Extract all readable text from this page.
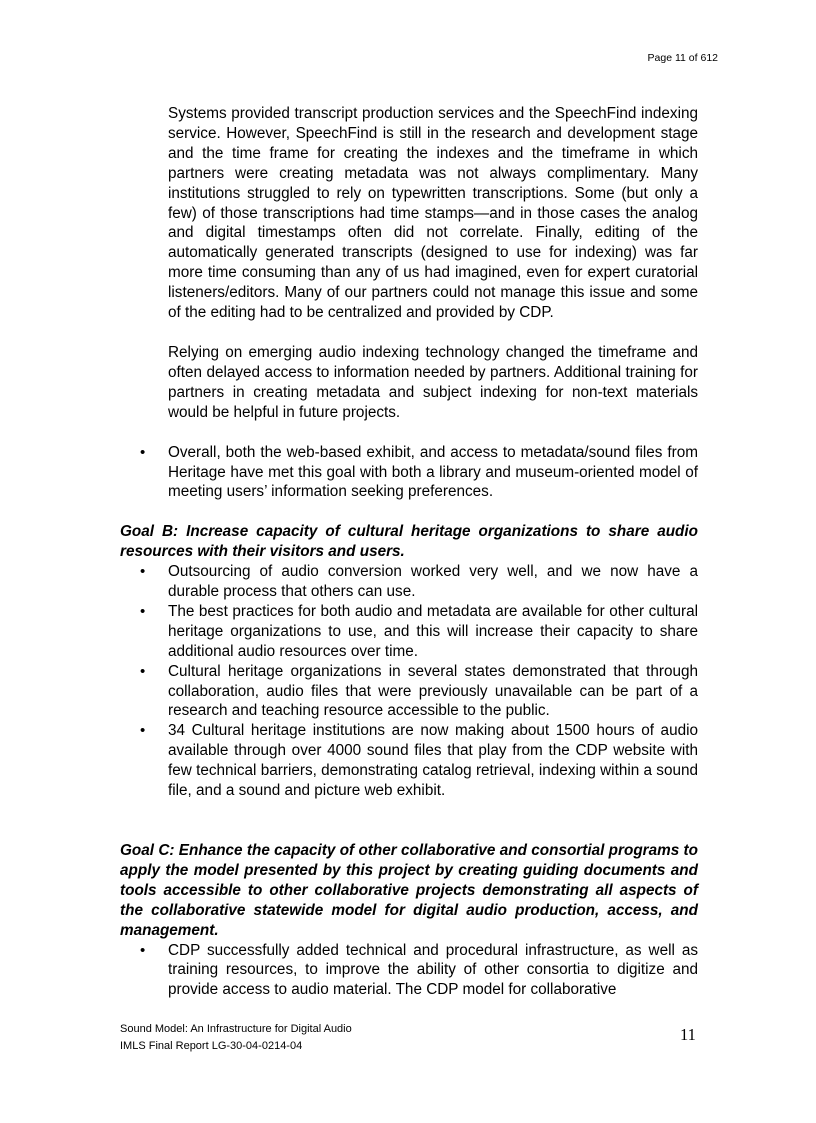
Page 11 of 612

Systems provided transcript production services and the SpeechFind indexing service. However, SpeechFind is still in the research and development stage and the time frame for creating the indexes and the timeframe in which partners were creating metadata was not always complimentary. Many institutions struggled to rely on typewritten transcriptions. Some (but only a few) of those transcriptions had time stamps—and in those cases the analog and digital timestamps often did not correlate. Finally, editing of the automatically generated transcripts (designed to use for indexing) was far more time consuming than any of us had imagined, even for expert curatorial listeners/editors. Many of our partners could not manage this issue and some of the editing had to be centralized and provided by CDP.

Relying on emerging audio indexing technology changed the timeframe and often delayed access to information needed by partners. Additional training for partners in creating metadata and subject indexing for non-text materials would be helpful in future projects.

• Overall, both the web-based exhibit, and access to metadata/sound files from Heritage have met this goal with both a library and museum-oriented model of meeting users’ information seeking preferences.

Goal B: Increase capacity of cultural heritage organizations to share audio resources with their visitors and users.

• Outsourcing of audio conversion worked very well, and we now have a durable process that others can use.
• The best practices for both audio and metadata are available for other cultural heritage organizations to use, and this will increase their capacity to share additional audio resources over time.
• Cultural heritage organizations in several states demonstrated that through collaboration, audio files that were previously unavailable can be part of a research and teaching resource accessible to the public.
• 34 Cultural heritage institutions are now making about 1500 hours of audio available through over 4000 sound files that play from the CDP website with few technical barriers, demonstrating catalog retrieval, indexing within a sound file, and a sound and picture web exhibit.

Goal C: Enhance the capacity of other collaborative and consortial programs to apply the model presented by this project by creating guiding documents and tools accessible to other collaborative projects demonstrating all aspects of the collaborative statewide model for digital audio production, access, and management.

• CDP successfully added technical and procedural infrastructure, as well as training resources, to improve the ability of other consortia to digitize and provide access to audio material. The CDP model for collaborative
Sound Model: An Infrastructure for Digital Audio
IMLS Final Report LG-30-04-0214-04
11
